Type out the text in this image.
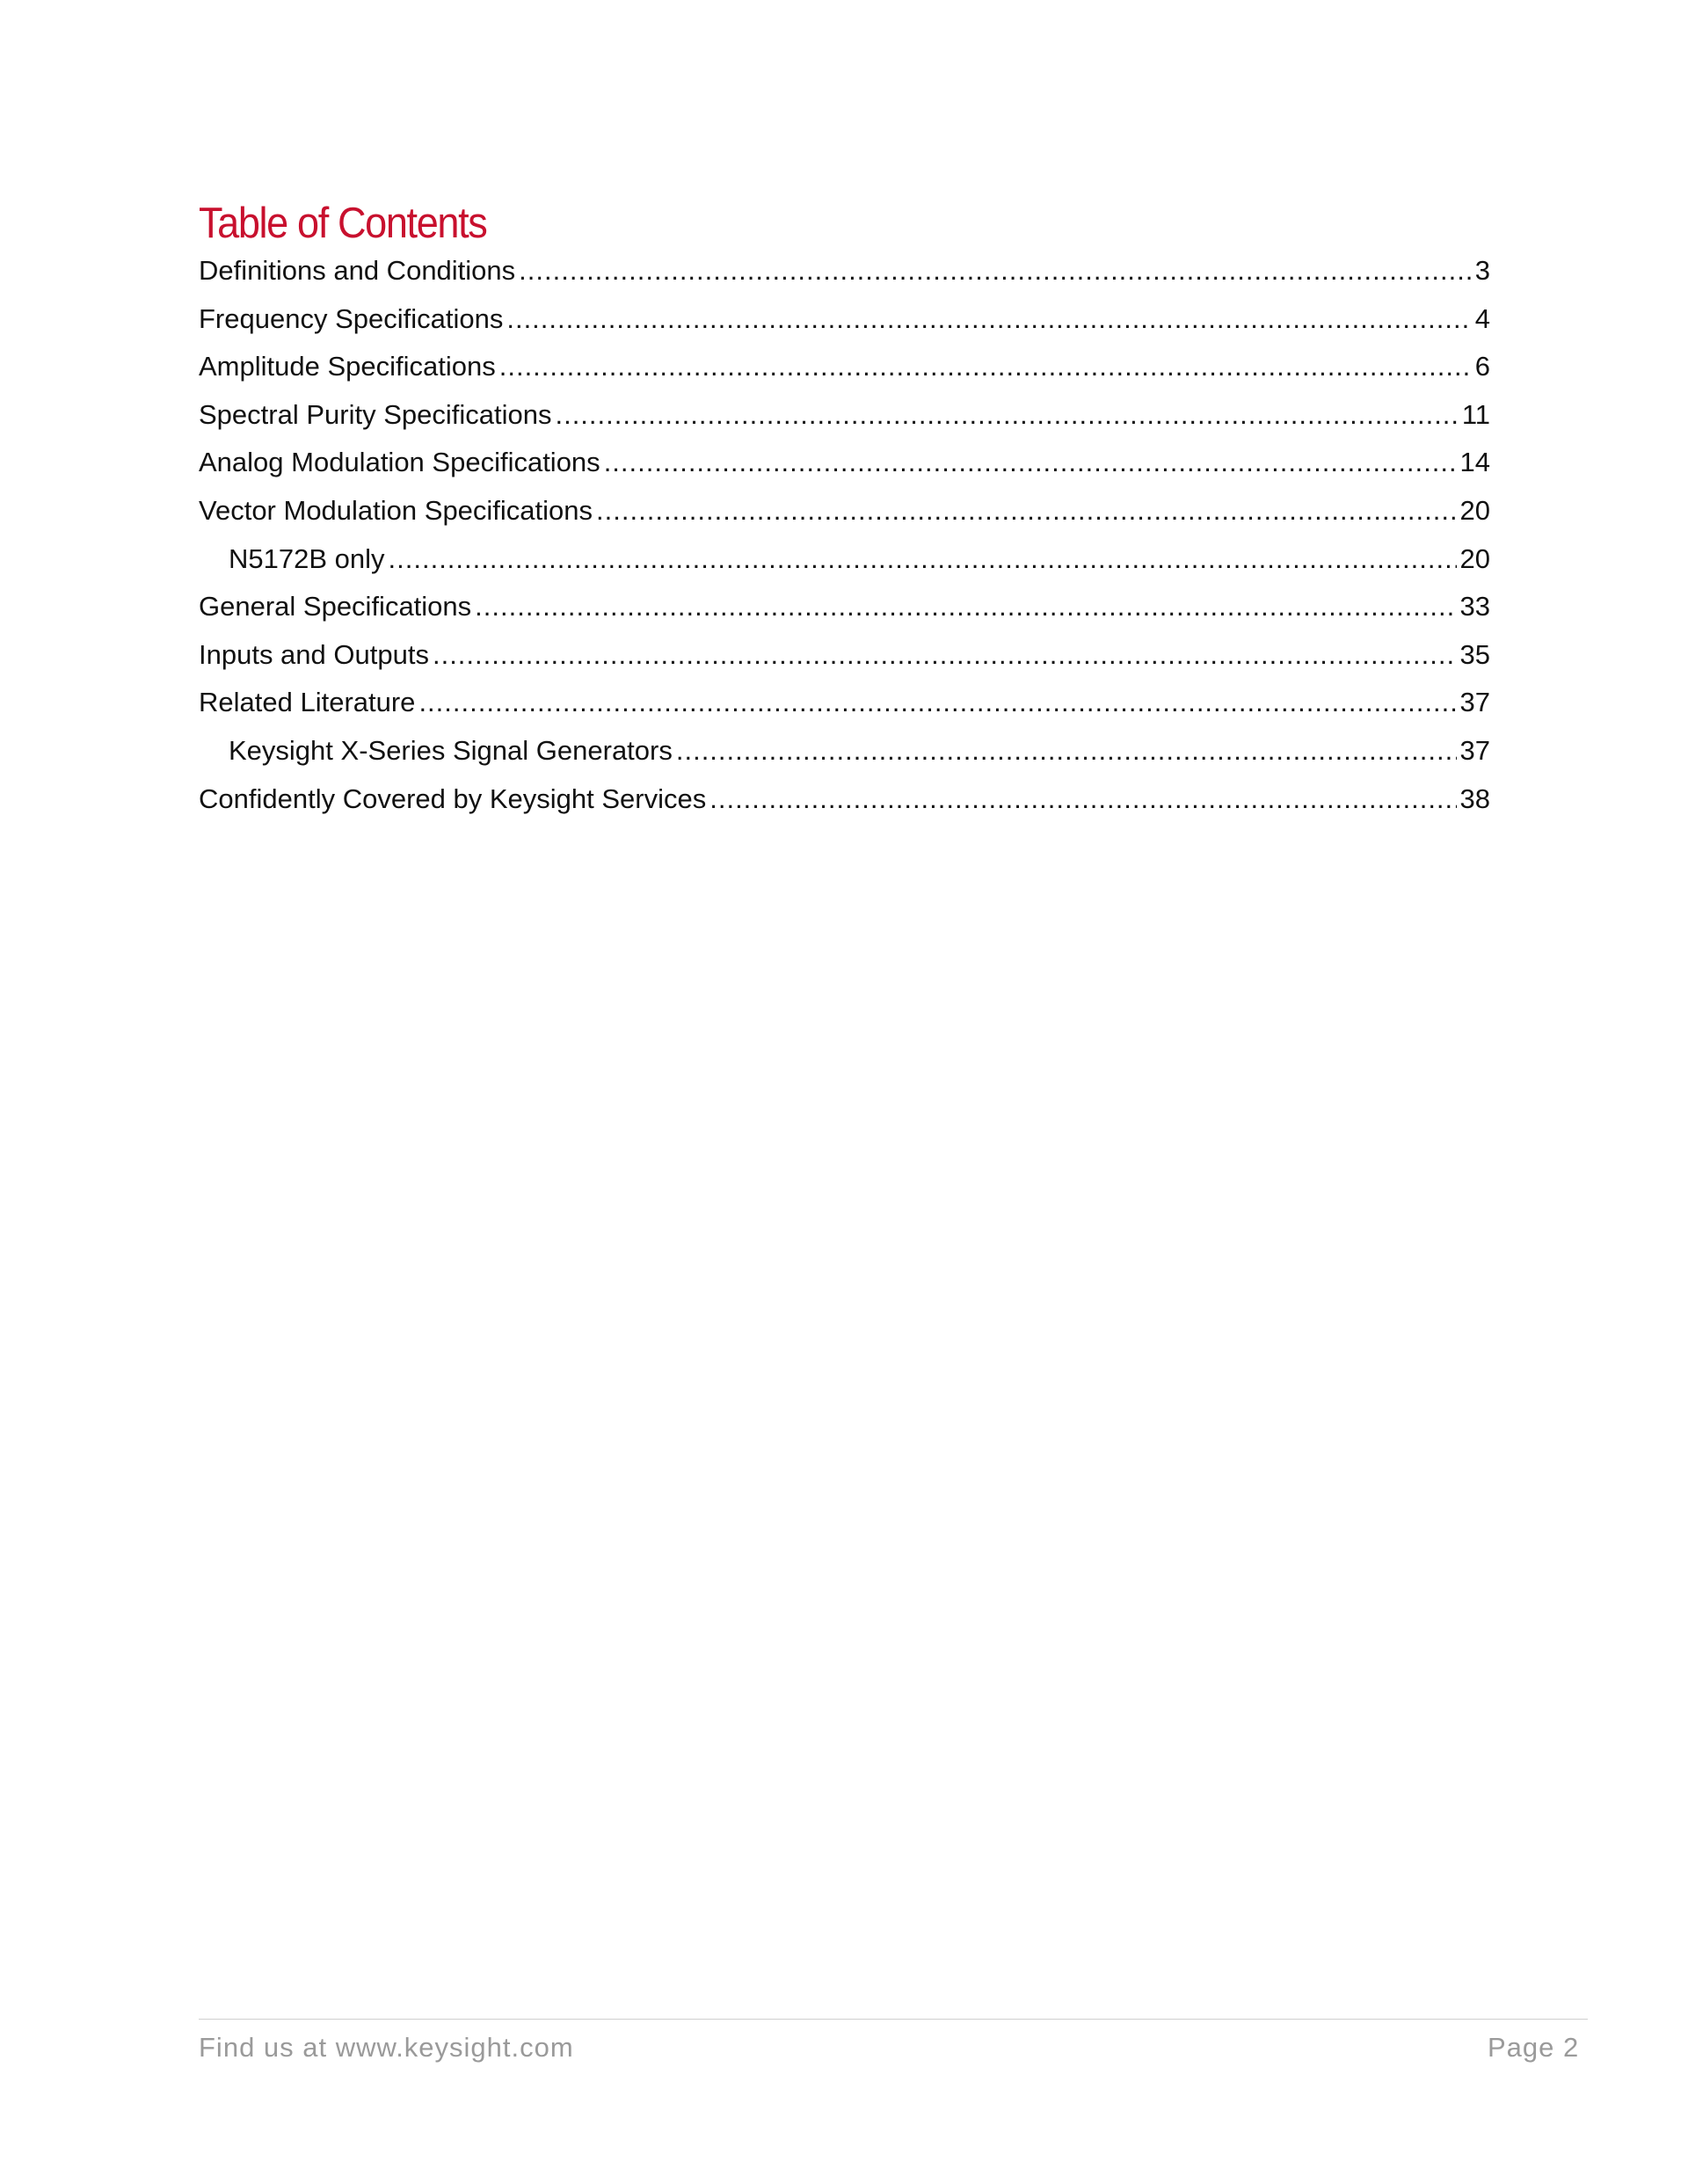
Table of Contents
Definitions and Conditions .....	3
Frequency Specifications .....	4
Amplitude Specifications .....	6
Spectral Purity Specifications .....	11
Analog Modulation Specifications .....	14
Vector Modulation Specifications .....	20
N5172B only .....	20
General Specifications .....	33
Inputs and Outputs .....	35
Related Literature .....	37
Keysight X-Series Signal Generators .....	37
Confidently Covered by Keysight Services .....	38
Find us at www.keysight.com	Page 2
